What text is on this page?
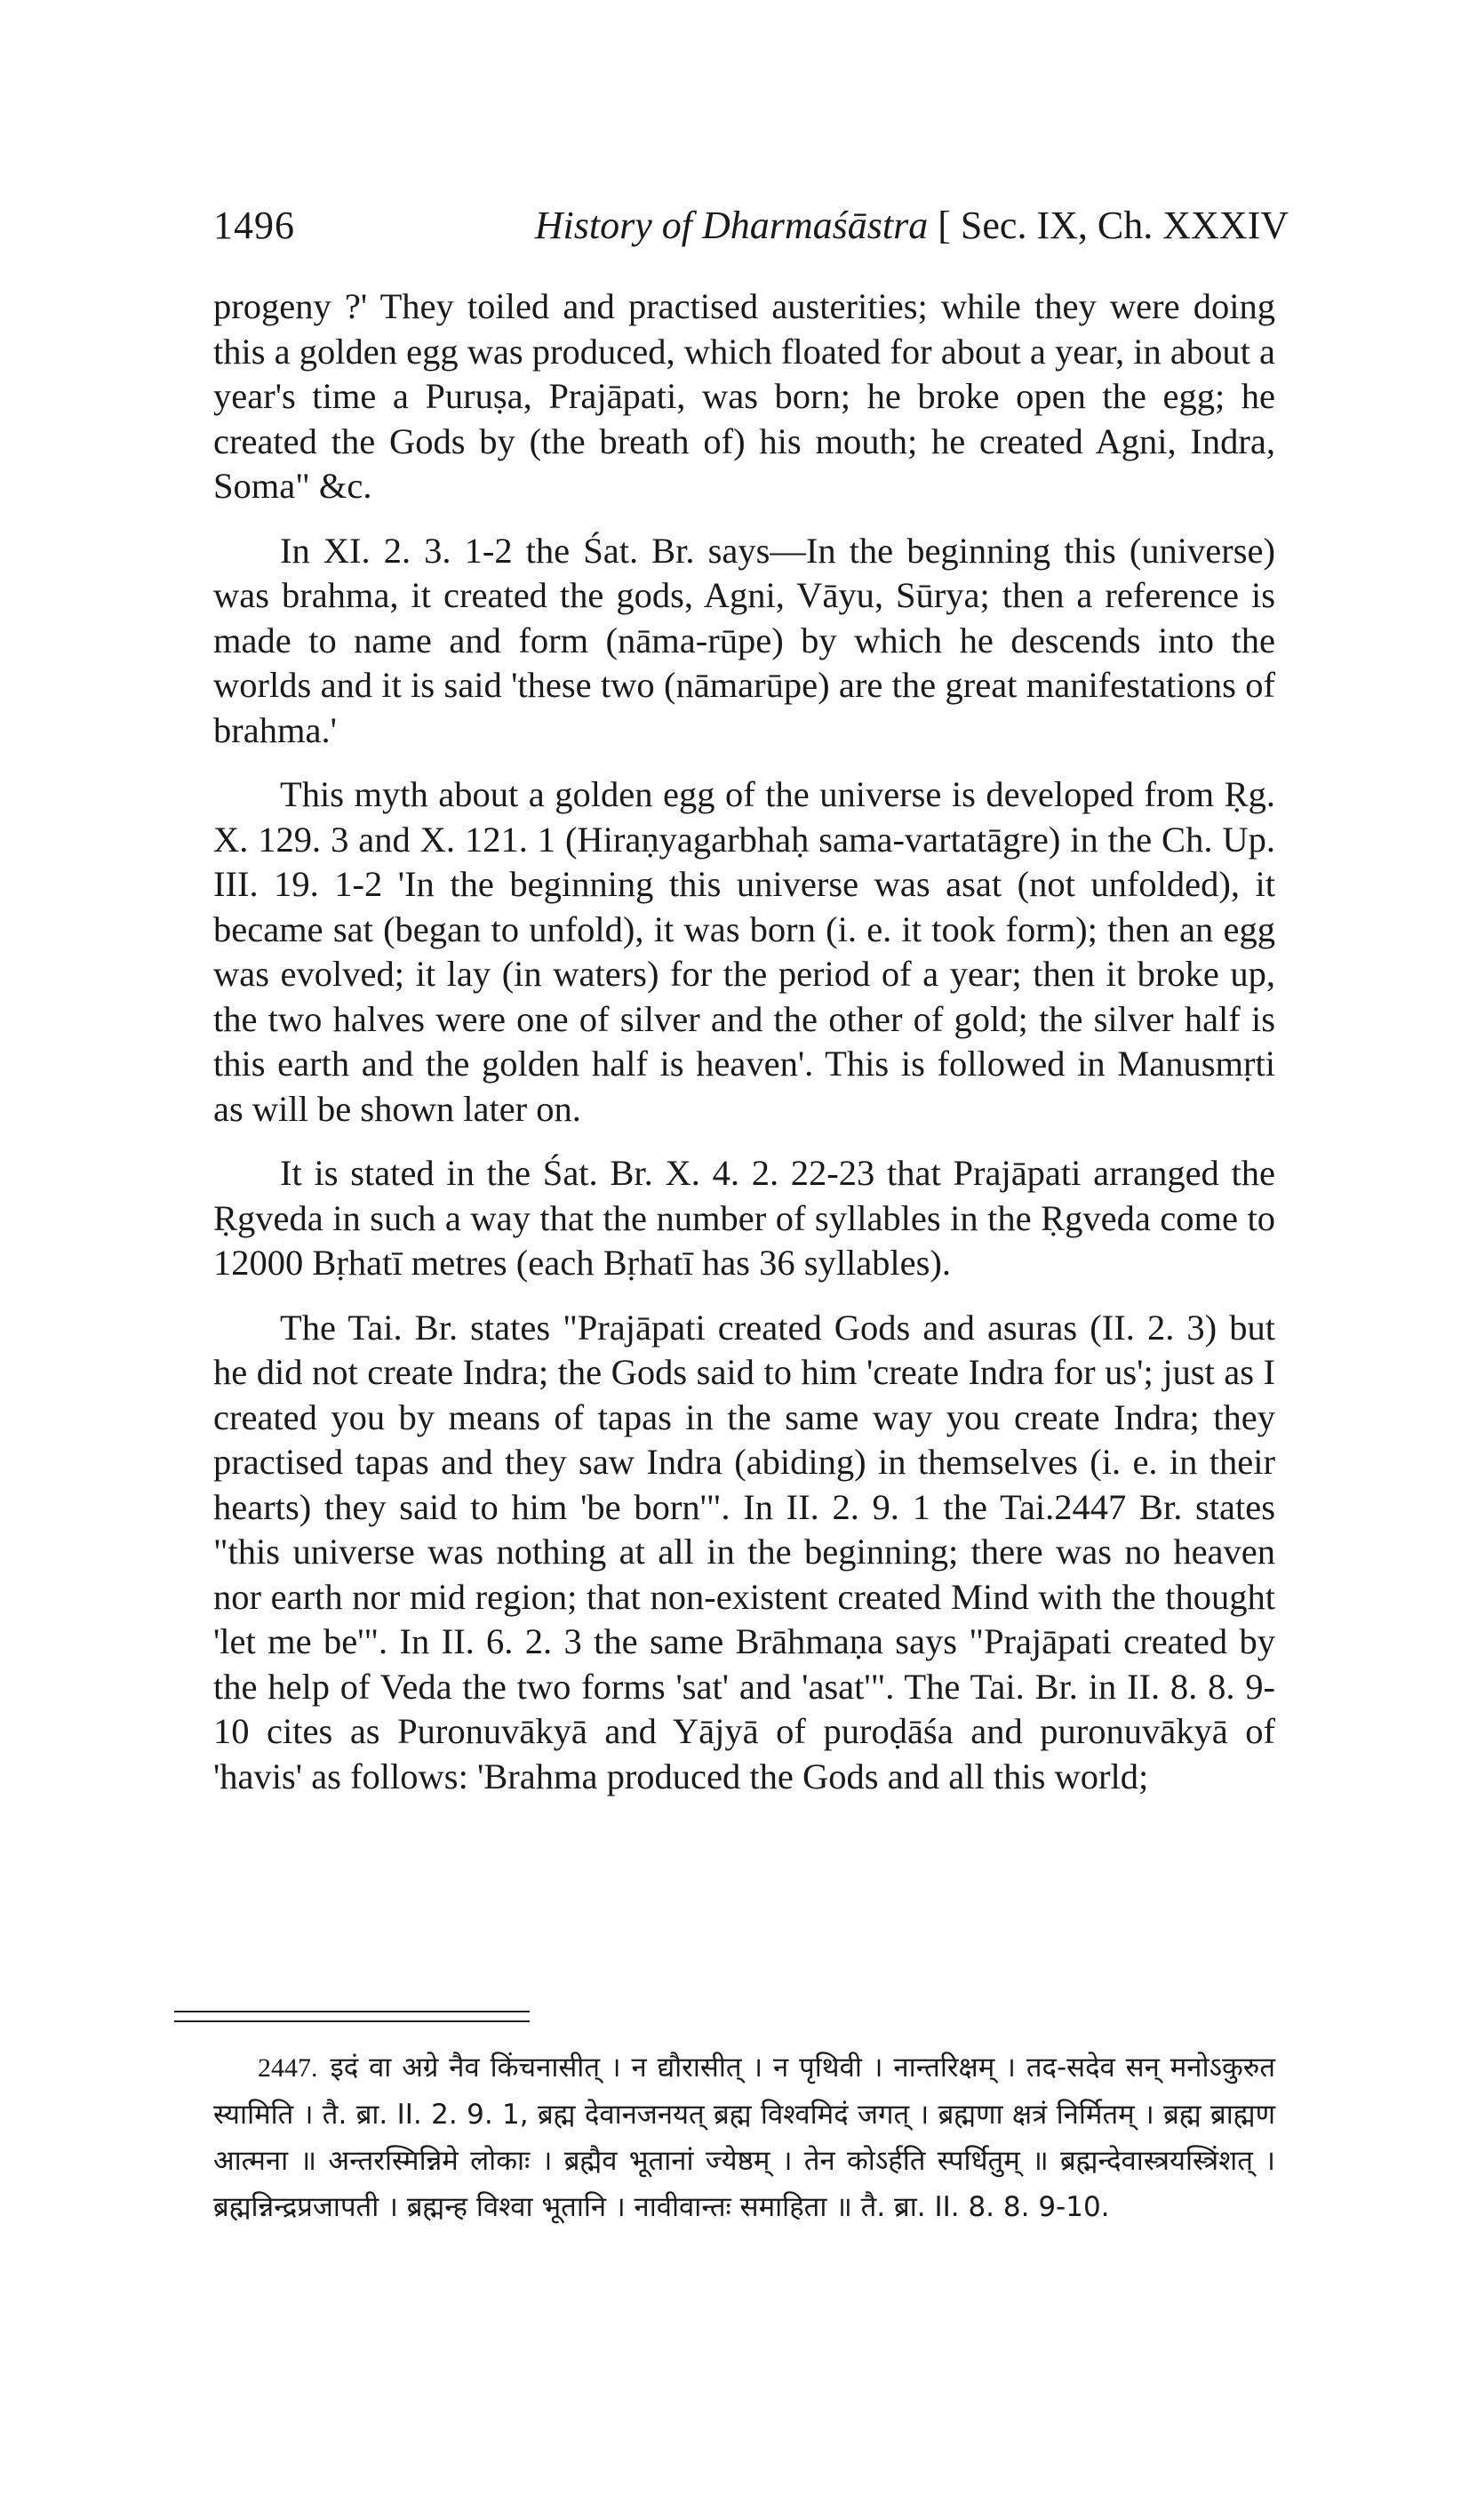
1496	History of Dharmaśāstra [ Sec. IX, Ch. XXXIV

progeny ?' They toiled and practised austerities; while they were doing this a golden egg was produced, which floated for about a year, in about a year's time a Puruṣa, Prajāpati, was born; he broke open the egg; he created the Gods by (the breath of) his mouth; he created Agni, Indra, Soma" &c.

In XI. 2. 3. 1-2 the Śat. Br. says—In the beginning this (universe) was brahma, it created the gods, Agni, Vāyu, Sūrya; then a reference is made to name and form (nāma-rūpe) by which he descends into the worlds and it is said 'these two (nāmarūpe) are the great manifestations of brahma.'

This myth about a golden egg of the universe is developed from Ṛg. X. 129. 3 and X. 121. 1 (Hiraṇyagarbhaḥ sama-vartatāgre) in the Ch. Up. III. 19. 1-2 'In the beginning this universe was asat (not unfolded), it became sat (began to unfold), it was born (i. e. it took form); then an egg was evolved; it lay (in waters) for the period of a year; then it broke up, the two halves were one of silver and the other of gold; the silver half is this earth and the golden half is heaven'. This is followed in Manusmṛti as will be shown later on.

It is stated in the Śat. Br. X. 4. 2. 22-23 that Prajāpati arranged the Ṛgveda in such a way that the number of syllables in the Ṛgveda come to 12000 Bṛhatī metres (each Bṛhatī has 36 syllables).

The Tai. Br. states "Prajāpati created Gods and asuras (II. 2. 3) but he did not create Indra; the Gods said to him 'create Indra for us'; just as I created you by means of tapas in the same way you create Indra; they practised tapas and they saw Indra (abiding) in themselves (i. e. in their hearts) they said to him 'be born'". In II. 2. 9. 1 the Tai.2447 Br. states "this universe was nothing at all in the beginning; there was no heaven nor earth nor mid region; that non-existent created Mind with the thought 'let me be'". In II. 6. 2. 3 the same Brāhmaṇa says "Prajāpati created by the help of Veda the two forms 'sat' and 'asat'". The Tai. Br. in II. 8. 8. 9-10 cites as Puronuvākyā and Yājyā of puroḍāśa and puronuvākyā of 'havis' as follows: 'Brahma produced the Gods and all this world;

2447. इदं वा अग्रे नैव किंचनासीत् । न द्यौरासीत् । न पृथिवी । नान्तरिक्षम् । तद-सदेव सन् मनोऽकुरुत स्यामिति । तै. ब्रा. II. 2. 9. 1, ब्रह्म देवानजनयत् ब्रह्म विश्वमिदं जगत् । ब्रह्मणा क्षत्रं निर्मितम् । ब्रह्म ब्राह्मण आत्मना ॥ अन्तरस्मिन्निमे लोकाः । ब्रह्मैव भूतानां ज्येष्ठम् । तेन कोऽर्हति स्पर्धितुम् ॥ ब्रह्मन्देवास्त्रयस्त्रिंशत् । ब्रह्मन्निन्द्रप्रजापती । ब्रह्मन्ह विश्वा भूतानि । नावीवान्तः समाहिता ॥ तै. ब्रा. II. 8. 8. 9-10.
